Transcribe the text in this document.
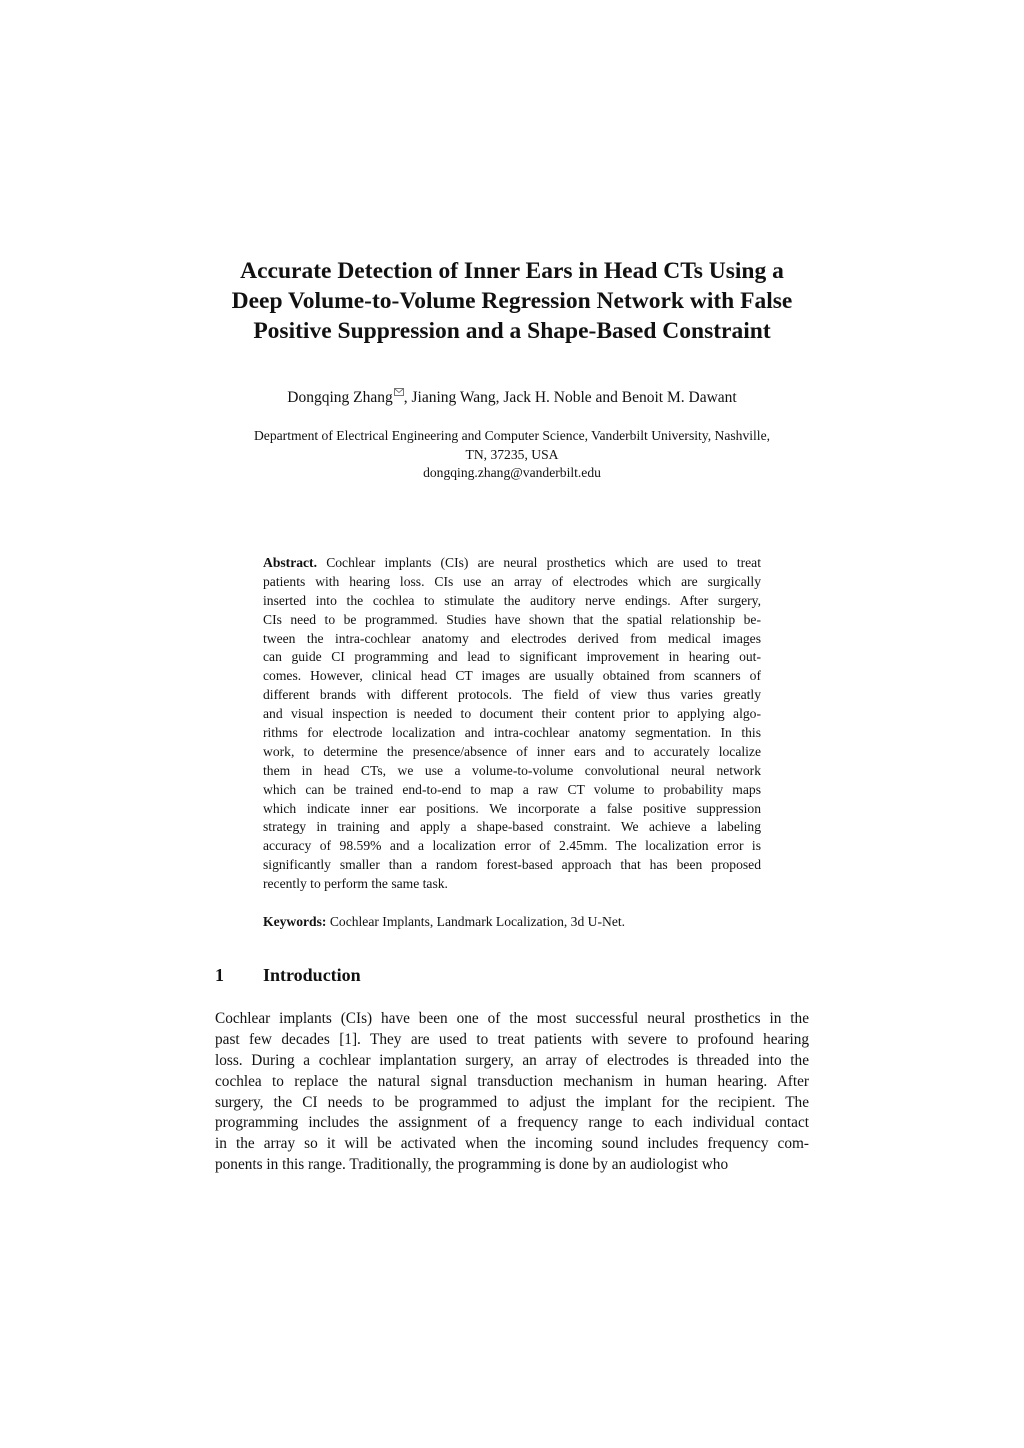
Accurate Detection of Inner Ears in Head CTs Using a
Deep Volume-to-Volume Regression Network with False
Positive Suppression and a Shape-Based Constraint
Dongqing Zhang , Jianing Wang, Jack H. Noble and Benoit M. Dawant
Department of Electrical Engineering and Computer Science, Vanderbilt University, Nashville,
TN, 37235, USA
dongqing.zhang@vanderbilt.edu
Abstract. Cochlear implants (CIs) are neural prosthetics which are used to treat
patients with hearing loss. CIs use an array of electrodes which are surgically
inserted into the cochlea to stimulate the auditory nerve endings. After surgery,
CIs need to be programmed. Studies have shown that the spatial relationship be-
tween the intra-cochlear anatomy and electrodes derived from medical images
can guide CI programming and lead to significant improvement in hearing out-
comes. However, clinical head CT images are usually obtained from scanners of
different brands with different protocols. The field of view thus varies greatly
and visual inspection is needed to document their content prior to applying algo-
rithms for electrode localization and intra-cochlear anatomy segmentation. In this
work, to determine the presence/absence of inner ears and to accurately localize
them in head CTs, we use a volume-to-volume convolutional neural network
which can be trained end-to-end to map a raw CT volume to probability maps
which indicate inner ear positions. We incorporate a false positive suppression
strategy in training and apply a shape-based constraint. We achieve a labeling
accuracy of 98.59% and a localization error of 2.45mm. The localization error is
significantly smaller than a random forest-based approach that has been proposed
recently to perform the same task.
Keywords: Cochlear Implants, Landmark Localization, 3d U-Net.
1 Introduction
Cochlear implants (CIs) have been one of the most successful neural prosthetics in the
past few decades [1]. They are used to treat patients with severe to profound hearing
loss. During a cochlear implantation surgery, an array of electrodes is threaded into the
cochlea to replace the natural signal transduction mechanism in human hearing. After
surgery, the CI needs to be programmed to adjust the implant for the recipient. The
programming includes the assignment of a frequency range to each individual contact
in the array so it will be activated when the incoming sound includes frequency com-
ponents in this range. Traditionally, the programming is done by an audiologist who
